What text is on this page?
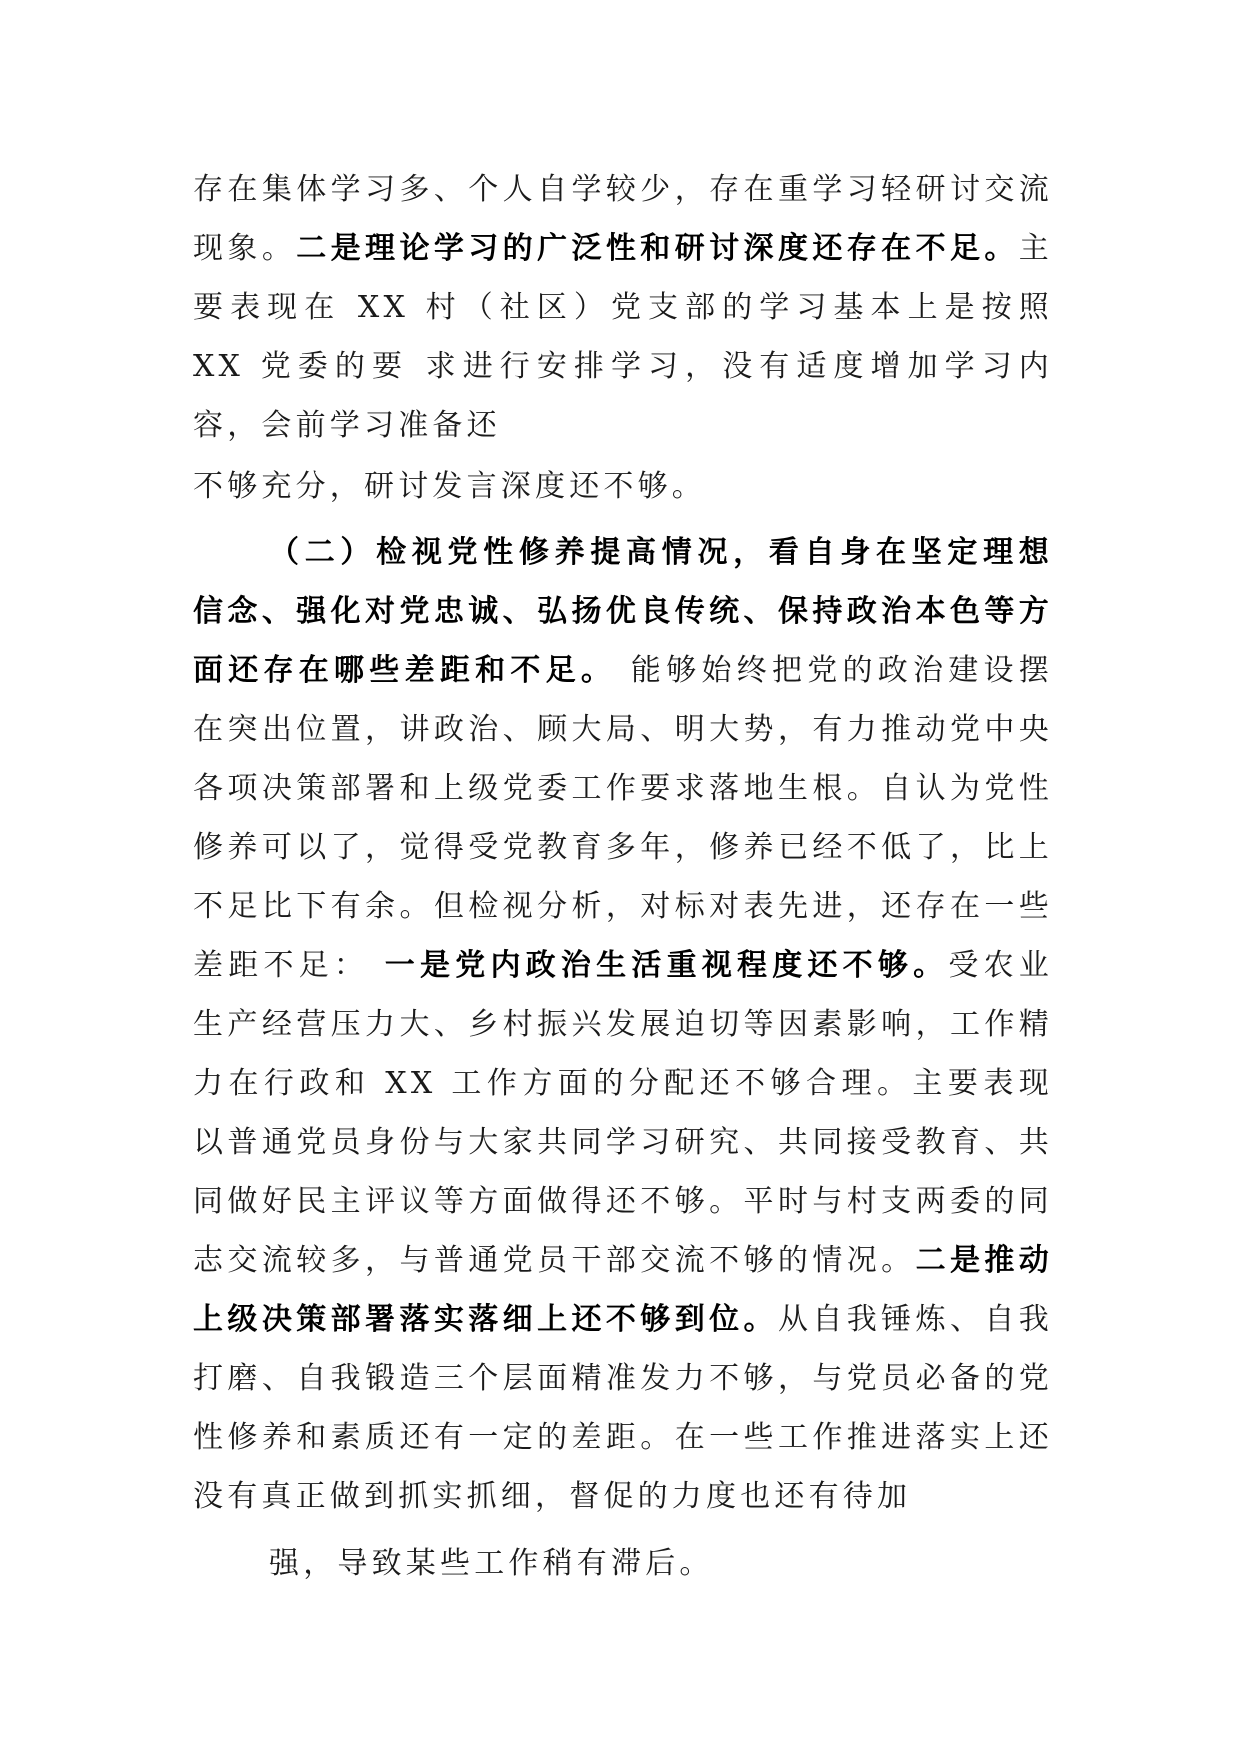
存在集体学习多、个人自学较少，存在重学习轻研讨交流现象。二是理论学习的广泛性和研讨深度还存在不足。主要表现在 XX 村（社区）党支部的学习基本上是按照 XX 党委的要 求进行安排学习，没有适度增加学习内容，会前学习准备还
不够充分，研讨发言深度还不够。
（二）检视党性修养提高情况，看自身在坚定理想信念、强化对党忠诚、弘扬优良传统、保持政治本色等方面还存在哪些差距和不足。 能够始终把党的政治建设摆在突出位置，讲政治、顾大局、明大势，有力推动党中央各项决策部署和上级党委工作要求落地生根。自认为党性修养可以了，觉得受党教育多年，修养已经不低了，比上不足比下有余。但检视分析，对标对表先进，还存在一些差距不足： 一是党内政治生活重视程度还不够。受农业生产经营压力大、乡村振兴发展迫切等因素影响，工作精力在行政和 XX 工作方面的分配还不够合理。主要表现以普通党员身份与大家共同学习研究、共同接受教育、共同做好民主评议等方面做得还不够。平时与村支两委的同志交流较多，与普通党员干部交流不够的情况。二是推动上级决策部署落实落细上还不够到位。从自我锤炼、自我打磨、自我锻造三个层面精准发力不够，与党员必备的党性修养和素质还有一定的差距。在一些工作推进落实上还没有真正做到抓实抓细，督促的力度也还有待加
强，导致某些工作稍有滞后。
